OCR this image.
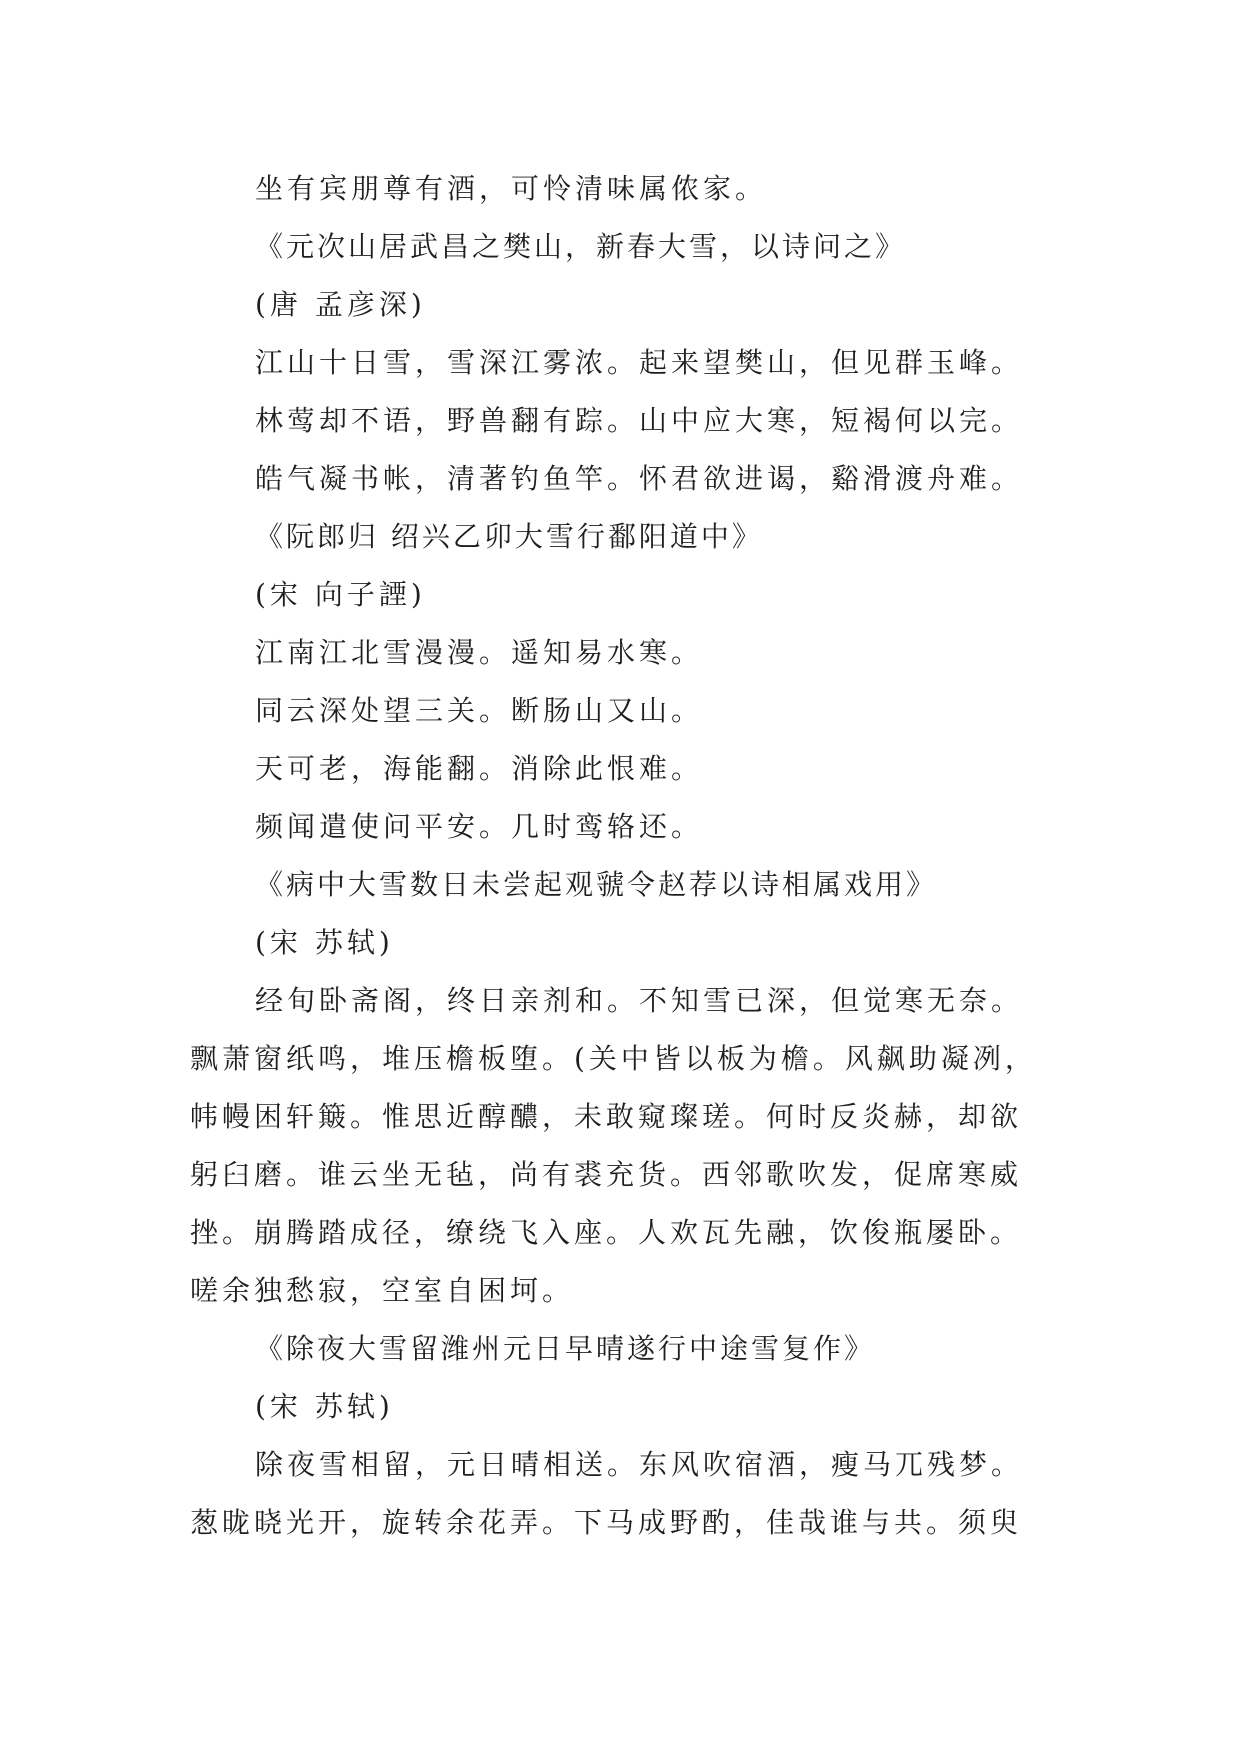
坐有宾朋尊有酒，可怜清味属侬家。
《元次山居武昌之樊山，新春大雪，以诗问之》
(唐 孟彦深)
江山十日雪，雪深江雾浓。起来望樊山，但见群玉峰。
林莺却不语，野兽翻有踪。山中应大寒，短褐何以完。
皓气凝书帐，清著钓鱼竿。怀君欲进谒，谿滑渡舟难。
《阮郎归 绍兴乙卯大雪行鄱阳道中》
(宋 向子諲)
江南江北雪漫漫。遥知易水寒。
同云深处望三关。断肠山又山。
天可老，海能翻。消除此恨难。
频闻遣使问平安。几时鸾辂还。
《病中大雪数日未尝起观虢令赵荐以诗相属戏用》
(宋 苏轼)
经旬卧斋阁，终日亲剂和。不知雪已深，但觉寒无奈。
飘萧窗纸鸣，堆压檐板堕。(关中皆以板为檐。风飙助凝冽，
帏幔困轩簸。惟思近醇醲，未敢窥璨瑳。何时反炎赫，却欲
躬臼磨。谁云坐无毡，尚有裘充货。西邻歌吹发，促席寒威
挫。崩腾踏成径，缭绕飞入座。人欢瓦先融，饮俊瓶屡卧。
嗟余独愁寂，空室自困坷。
《除夜大雪留潍州元日早晴遂行中途雪复作》
(宋 苏轼)
除夜雪相留，元日晴相送。东风吹宿酒，瘦马兀残梦。
葱昽晓光开，旋转余花弄。下马成野酌，佳哉谁与共。须臾
